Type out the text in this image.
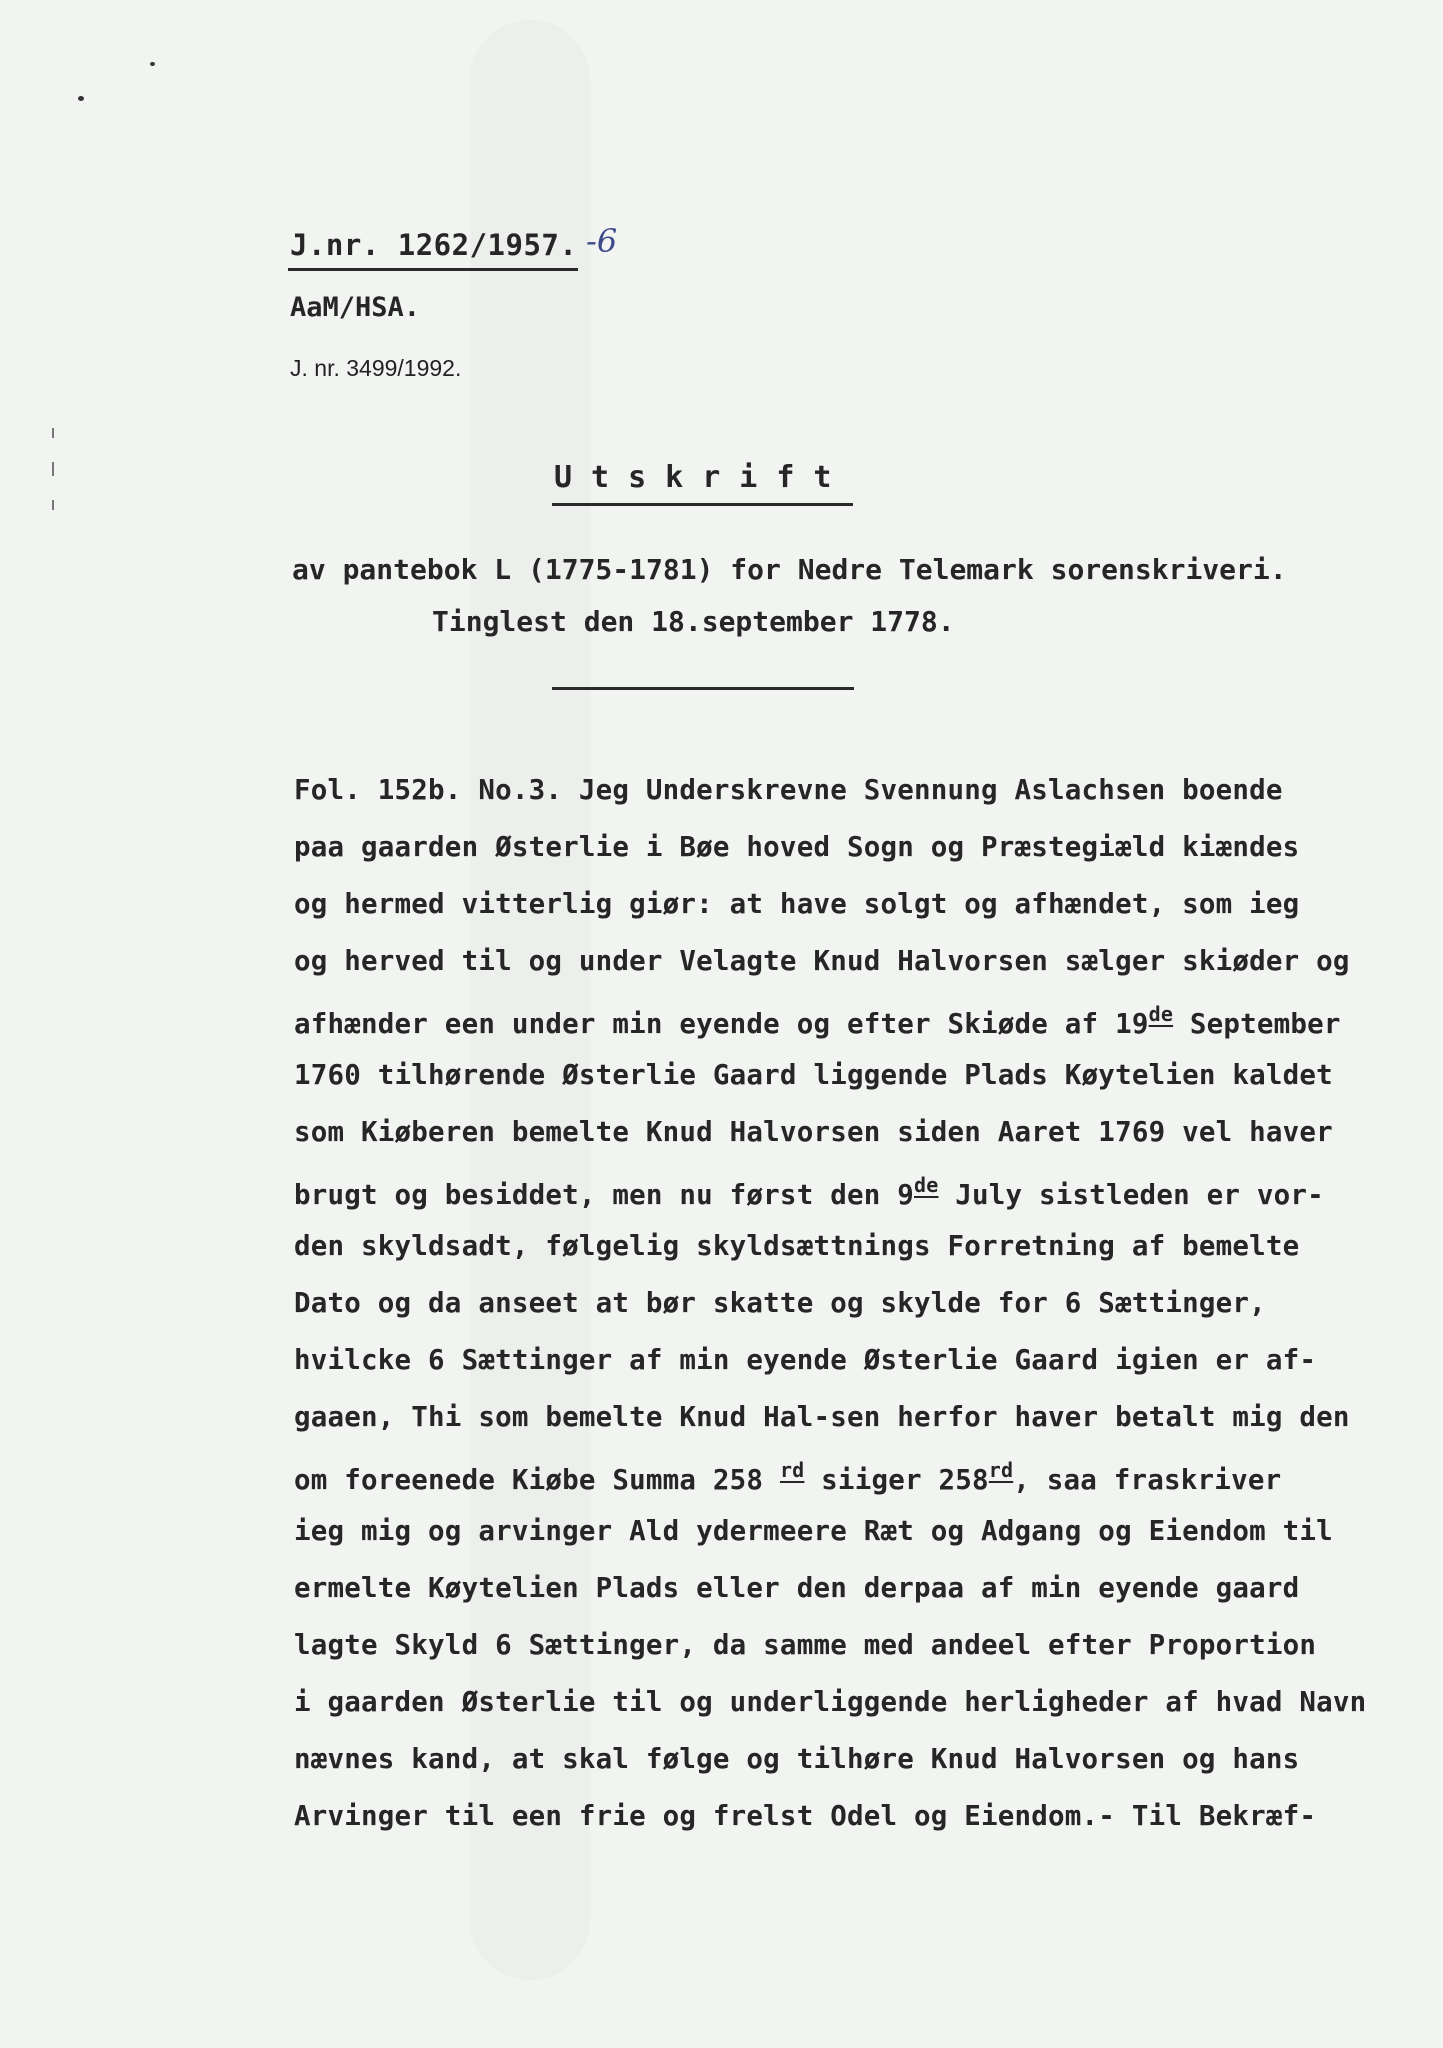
J.nr. 1262/1957. -6
AaM/HSA.
J. nr. 3499/1992.
Utskrift
av pantebok L (1775-1781) for Nedre Telemark sorenskriveri.
Tinglest den 18.september 1778.
Fol. 152b. No.3. Jeg Underskrevne Svennung Aslachsen boende
paa gaarden Østerlie i Bøe hoved Sogn og Præstegiæld kiændes
og hermed vitterlig giør: at have solgt og afhændet, som ieg
og herved til og under Velagte Knud Halvorsen sælger skiøder og
afhænder een under min eyende og efter Skiøde af 19de September
1760 tilhørende Østerlie Gaard liggende Plads Køytelien kaldet
som Kiøberen bemelte Knud Halvorsen siden Aaret 1769 vel haver
brugt og besiddet, men nu først den 9de July sistleden er vor-
den skyldsadt, følgelig skyldsættnings Forretning af bemelte
Dato og da anseet at bør skatte og skylde for 6 Sættinger,
hvilcke 6 Sættinger af min eyende Østerlie Gaard igien er af-
gaaen, Thi som bemelte Knud Hal-sen herfor haver betalt mig den
om foreenede Kiøbe Summa 258 $^{rd}$ siiger 258rd, saa fraskriver
ieg mig og arvinger Ald ydermeere Ræt og Adgang og Eiendom til
ermelte Køytelien Plads eller den derpaa af min eyende gaard
lagte Skyld 6 Sættinger, da samme med andeel efter Proportion
i gaarden Østerlie til og underliggende herligheder af hvad Navn
nævnes kand, at skal følge og tilhøre Knud Halvorsen og hans
Arvinger til een frie og frelst Odel og Eiendom.- Til Bekræf-
